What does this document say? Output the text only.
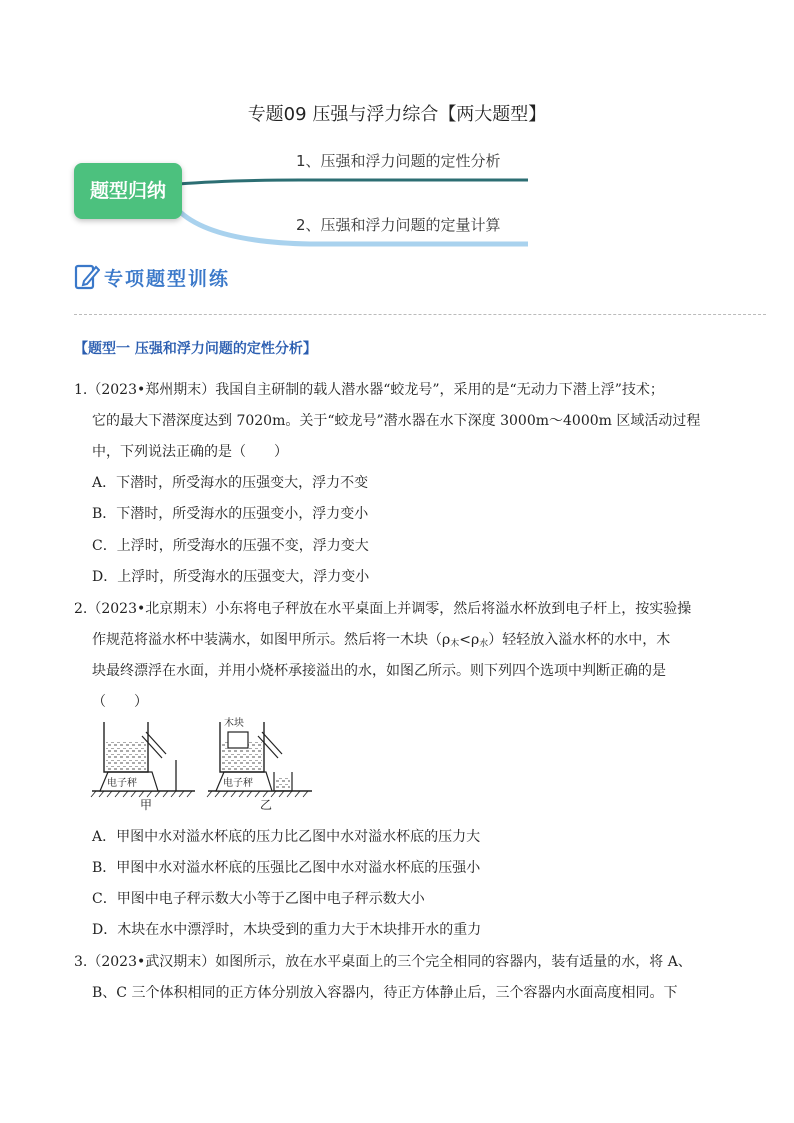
专题09 压强与浮力综合【两大题型】
题型归纳
1、压强和浮力问题的定性分析
2、压强和浮力问题的定量计算
专项题型训练
【题型一 压强和浮力问题的定性分析】
1.（2023•郑州期末）我国自主研制的载人潜水器“蛟龙号”，采用的是“无动力下潜上浮”技术；
它的最大下潜深度达到 7020m。关于“蛟龙号”潜水器在水下深度 3000m～4000m 区域活动过程
中，下列说法正确的是（　　）
A．下潜时，所受海水的压强变大，浮力不变
B．下潜时，所受海水的压强变小，浮力变小
C．上浮时，所受海水的压强不变，浮力变大
D．上浮时，所受海水的压强变大，浮力变小
2.（2023•北京期末）小东将电子秤放在水平桌面上并调零，然后将溢水杯放到电子杆上，按实验操
作规范将溢水杯中装满水，如图甲所示。然后将一木块$(\rho_木<\rho_水)$轻轻放入溢水杯的水中，木
块最终漂浮在水面，并用小烧杯承接溢出的水，如图乙所示。则下列四个选项中判断正确的是
（　　）
电子秤
甲
木块
电子秤
乙
A．甲图中水对溢水杯底的压力比乙图中水对溢水杯底的压力大
B．甲图中水对溢水杯底的压强比乙图中水对溢水杯底的压强小
C．甲图中电子秤示数大小等于乙图中电子秤示数大小
D．木块在水中漂浮时，木块受到的重力大于木块排开水的重力
3.（2023•武汉期末）如图所示，放在水平桌面上的三个完全相同的容器内，装有适量的水，将 A、
B、C 三个体积相同的正方体分别放入容器内，待正方体静止后，三个容器内水面高度相同。下
